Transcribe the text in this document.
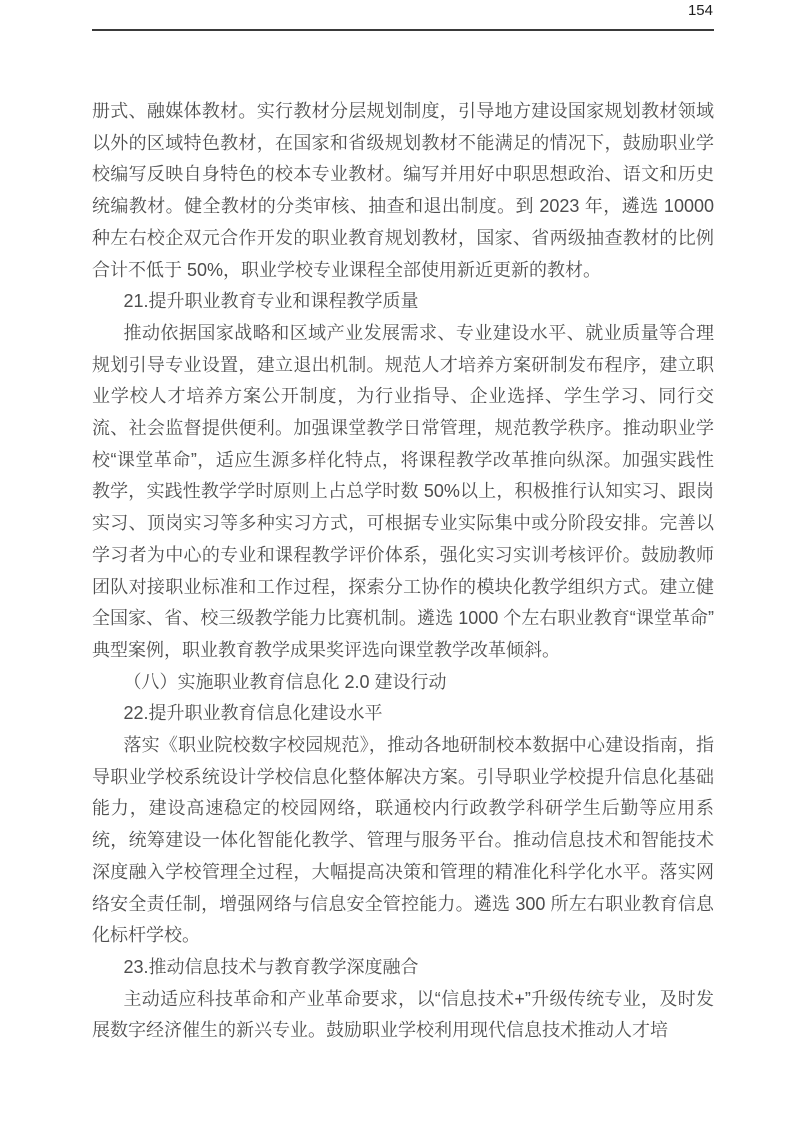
154

册式、融媒体教材。实行教材分层规划制度，引导地方建设国家规划教材领域以外的区域特色教材，在国家和省级规划教材不能满足的情况下，鼓励职业学校编写反映自身特色的校本专业教材。编写并用好中职思想政治、语文和历史统编教材。健全教材的分类审核、抽查和退出制度。到 2023 年，遴选 10000 种左右校企双元合作开发的职业教育规划教材，国家、省两级抽查教材的比例合计不低于 50%，职业学校专业课程全部使用新近更新的教材。

21.提升职业教育专业和课程教学质量

推动依据国家战略和区域产业发展需求、专业建设水平、就业质量等合理规划引导专业设置，建立退出机制。规范人才培养方案研制发布程序，建立职业学校人才培养方案公开制度，为行业指导、企业选择、学生学习、同行交流、社会监督提供便利。加强课堂教学日常管理，规范教学秩序。推动职业学校“课堂革命”，适应生源多样化特点，将课程教学改革推向纵深。加强实践性教学，实践性教学学时原则上占总学时数 50%以上，积极推行认知实习、跟岗实习、顶岗实习等多种实习方式，可根据专业实际集中或分阶段安排。完善以学习者为中心的专业和课程教学评价体系，强化实习实训考核评价。鼓励教师团队对接职业标准和工作过程，探索分工协作的模块化教学组织方式。建立健全国家、省、校三级教学能力比赛机制。遴选 1000 个左右职业教育“课堂革命”典型案例，职业教育教学成果奖评选向课堂教学改革倾斜。

（八）实施职业教育信息化 2.0 建设行动

22.提升职业教育信息化建设水平

落实《职业院校数字校园规范》，推动各地研制校本数据中心建设指南，指导职业学校系统设计学校信息化整体解决方案。引导职业学校提升信息化基础能力，建设高速稳定的校园网络，联通校内行政教学科研学生后勤等应用系统，统筹建设一体化智能化教学、管理与服务平台。推动信息技术和智能技术深度融入学校管理全过程，大幅提高决策和管理的精准化科学化水平。落实网络安全责任制，增强网络与信息安全管控能力。遴选 300 所左右职业教育信息化标杆学校。

23.推动信息技术与教育教学深度融合

主动适应科技革命和产业革命要求，以“信息技术+”升级传统专业，及时发展数字经济催生的新兴专业。鼓励职业学校利用现代信息技术推动人才培
